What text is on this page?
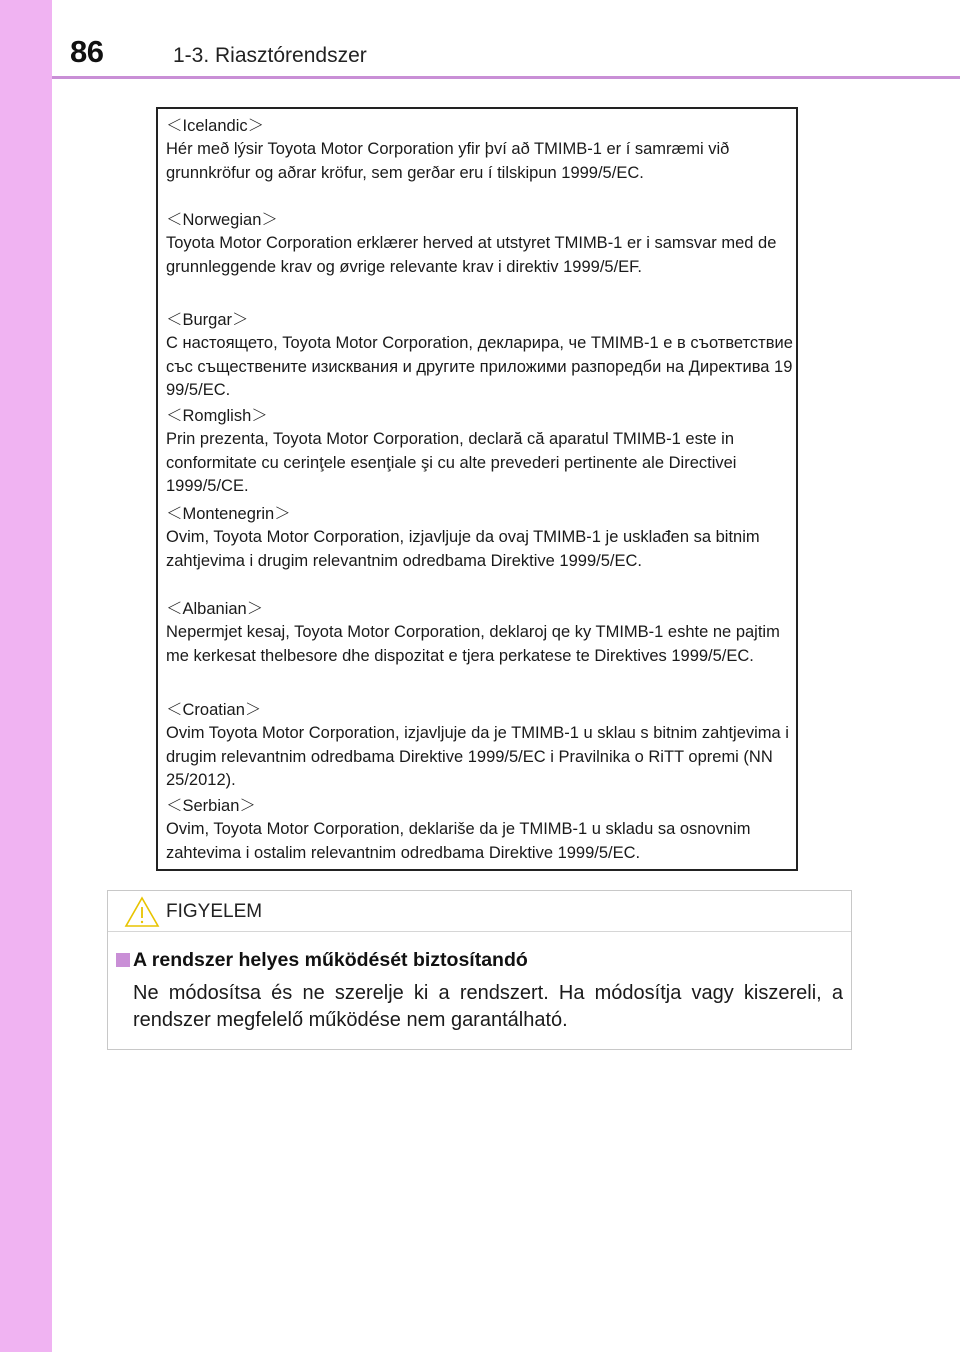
86	1-3. Riasztórendszer
＜Icelandic＞
Hér með lýsir Toyota Motor Corporation yfir því að TMIMB-1 er í samræmi við grunnkröfur og aðrar kröfur, sem gerðar eru í tilskipun 1999/5/EC.
＜Norwegian＞
Toyota Motor Corporation erklærer herved at utstyret TMIMB-1 er i samsvar med de grunnleggende krav og øvrige relevante krav i direktiv 1999/5/EF.
＜Burgar＞
С настоящето, Toyota Motor Corporation, декларира, че TMIMB-1 е в съответствие със съществените изисквания и другите приложими разпоредби на Директива 1999/5/ЕС.
＜Romglish＞
Prin prezenta, Toyota Motor Corporation, declară că aparatul TMIMB-1 este in conformitate cu cerinţele esenţiale şi cu alte prevederi pertinente ale Directivei 1999/5/CE.
＜Montenegrin＞
Ovim, Toyota Motor Corporation, izjavljuje da ovaj TMIMB-1 je usklađen sa bitnim zahtjevima i drugim relevantnim odredbama Direktive 1999/5/EC.
＜Albanian＞
Nepermjet kesaj, Toyota Motor Corporation, deklaroj qe ky TMIMB-1 eshte ne pajtim me kerkesat thelbesore dhe dispozitat e tjera perkatese te Direktives 1999/5/EC.
＜Croatian＞
Ovim Toyota Motor Corporation, izjavljuje da je TMIMB-1 u sklau s bitnim zahtjevima i drugim relevantnim odredbama Direktive 1999/5/EC i Pravilnika o RiTT opremi (NN 25/2012).
＜Serbian＞
Ovim, Toyota Motor Corporation, deklariše da je TMIMB-1 u skladu sa osnovnim zahtevima i ostalim relevantnim odredbama Direktive 1999/5/EC.
FIGYELEM
A rendszer helyes működését biztosítandó
Ne módosítsa és ne szerelje ki a rendszert. Ha módosítja vagy kiszereli, a rendszer megfelelő működése nem garantálható.
